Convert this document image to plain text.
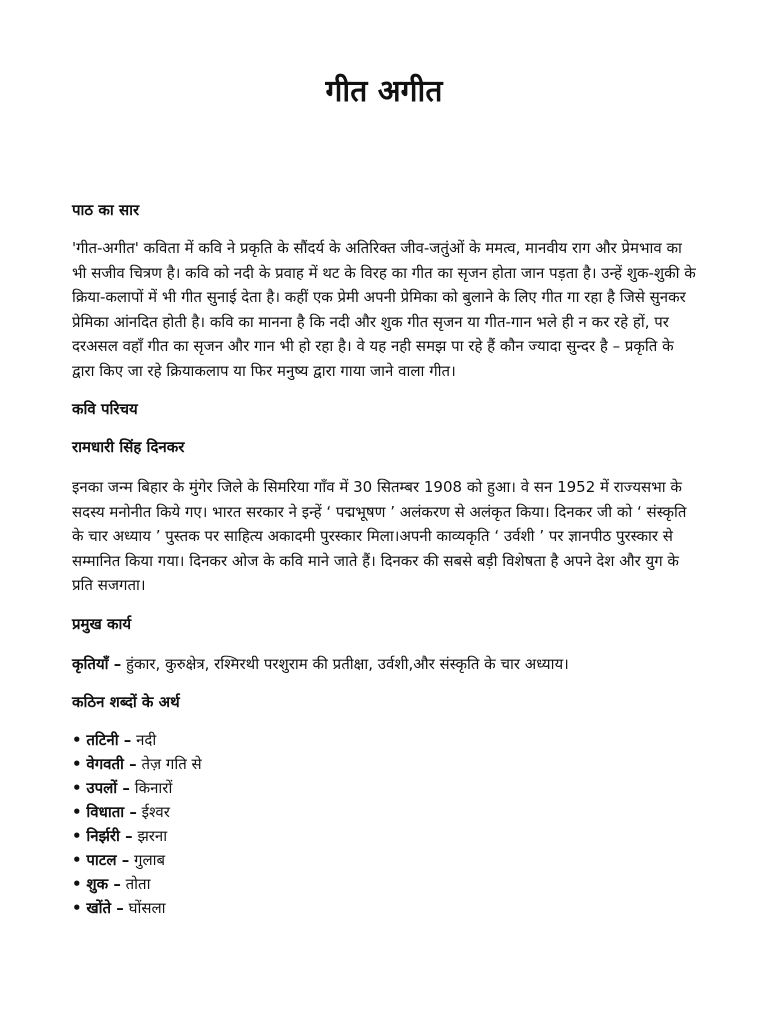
गीत अगीत
पाठ का सार

'गीत-अगीत' कविता में कवि ने प्रकृति के सौंदर्य के अतिरिक्त जीव-जतुंओं के ममत्व, मानवीय राग और प्रेमभाव का भी सजीव चित्रण है। कवि को नदी के प्रवाह में थट के विरह का गीत का सृजन होता जान पड़ता है। उन्हें शुक-शुकी के क्रिया-कलापों में भी गीत सुनाई देता है। कहीं एक प्रेमी अपनी प्रेमिका को बुलाने के लिए गीत गा रहा है जिसे सुनकर प्रेमिका आंनदित होती है। कवि का मानना है कि नदी और शुक गीत सृजन या गीत-गान भले ही न कर रहे हों, पर दरअसल वहाँ गीत का सृजन और गान भी हो रहा है। वे यह नही समझ पा रहे हैं कौन ज्यादा सुन्दर है – प्रकृति के द्वारा किए जा रहे क्रियाकलाप या फिर मनुष्य द्वारा गाया जाने वाला गीत।

कवि परिचय
रामधारी सिंह दिनकर

इनका जन्म बिहार के मुंगेर जिले के सिमरिया गाँव में 30 सितम्बर 1908 को हुआ। वे सन 1952 में राज्यसभा के सदस्य मनोनीत किये गए। भारत सरकार ने इन्हें ‘ पद्मभूषण ’ अलंकरण से अलंकृत किया। दिनकर जी को ‘ संस्कृति के चार अध्याय ’ पुस्तक पर साहित्य अकादमी पुरस्कार मिला।अपनी काव्यकृति ‘ उर्वशी ’ पर ज्ञानपीठ पुरस्कार से सम्मानित किया गया। दिनकर ओज के कवि माने जाते हैं। दिनकर की सबसे बड़ी विशेषता है अपने देश और युग के प्रति सजगता।

प्रमुख कार्य

कृतियाँ – हुंकार, कुरुक्षेत्र, रश्मिरथी परशुराम की प्रतीक्षा, उर्वशी,और संस्कृति के चार अध्याय।

कठिन शब्दों के अर्थ
• तटिनी – नदी
• वेगवती – तेज़ गति से
• उपलों – किनारों
• विधाता – ईश्वर
• निर्झरी – झरना
• पाटल – गुलाब
• शुक – तोता
• खोंते – घोंसला
